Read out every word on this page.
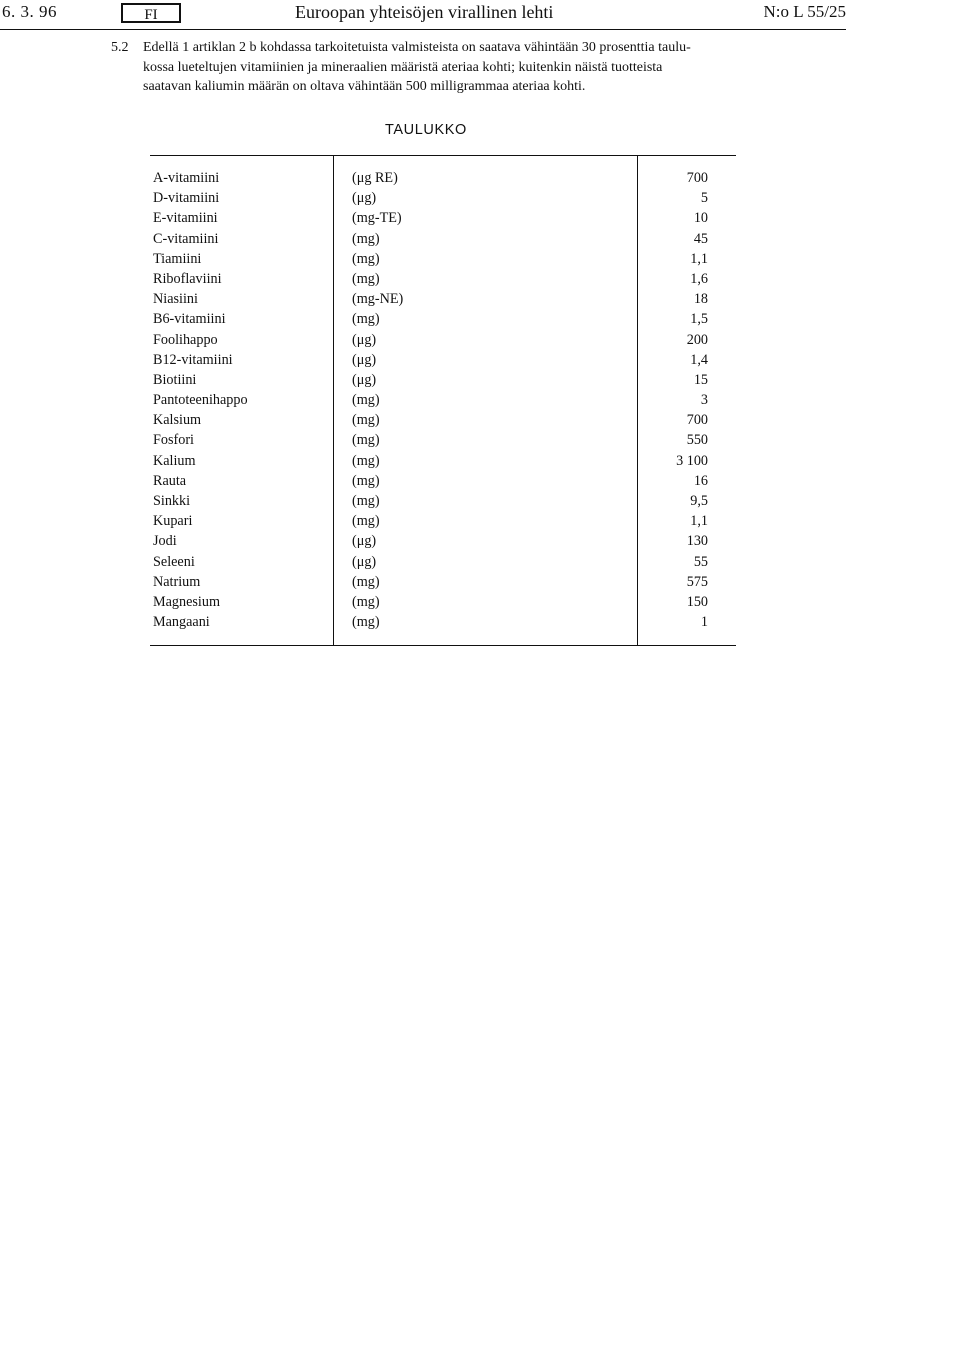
6. 3. 96	FI	Euroopan yhteisöjen virallinen lehti	N:o L 55/25
5.2 Edellä 1 artiklan 2 b kohdassa tarkoitetuista valmisteista on saatava vähintään 30 prosenttia taulu-
kossa lueteltujen vitamiinien ja mineraalien määristä ateriaa kohti; kuitenkin näistä tuotteista
saatavan kaliumin määrän on oltava vähintään 500 milligrammaa ateriaa kohti.
TAULUKKO
A-vitamiini	(μg RE)	700
D-vitamiini	(μg)	5
E-vitamiini	(mg-TE)	10
C-vitamiini	(mg)	45
Tiamiini	(mg)	1,1
Riboflaviini	(mg)	1,6
Niasiini	(mg-NE)	18
B6-vitamiini	(mg)	1,5
Foolihappo	(μg)	200
B12-vitamiini	(μg)	1,4
Biotiini	(μg)	15
Pantoteenihappo	(mg)	3
Kalsium	(mg)	700
Fosfori	(mg)	550
Kalium	(mg)	3 100
Rauta	(mg)	16
Sinkki	(mg)	9,5
Kupari	(mg)	1,1
Jodi	(μg)	130
Seleeni	(μg)	55
Natrium	(mg)	575
Magnesium	(mg)	150
Mangaani	(mg)	1
